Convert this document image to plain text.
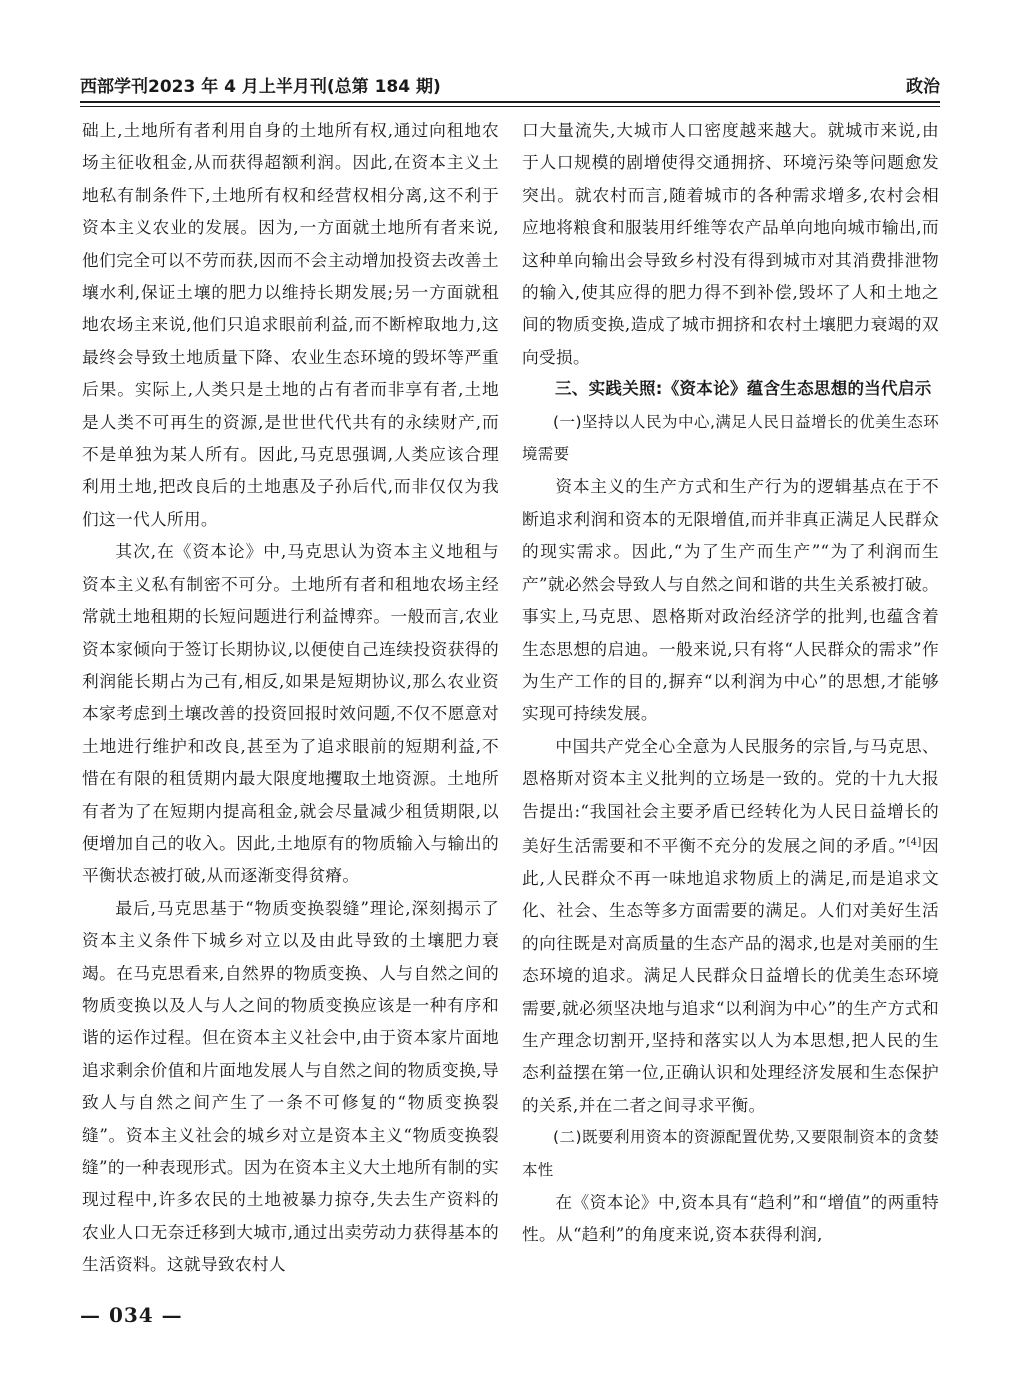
西部学刊2023 年 4 月上半月刊(总第 184 期)	政治

础上,土地所有者利用自身的土地所有权,通过向租地农场主征收租金,从而获得超额利润。因此,在资本主义土地私有制条件下,土地所有权和经营权相分离,这不利于资本主义农业的发展。因为,一方面就土地所有者来说,他们完全可以不劳而获,因而不会主动增加投资去改善土壤水利,保证土壤的肥力以维持长期发展;另一方面就租地农场主来说,他们只追求眼前利益,而不断榨取地力,这最终会导致土地质量下降、农业生态环境的毁坏等严重后果。实际上,人类只是土地的占有者而非享有者,土地是人类不可再生的资源,是世世代代共有的永续财产,而不是单独为某人所有。因此,马克思强调,人类应该合理利用土地,把改良后的土地惠及子孙后代,而非仅仅为我们这一代人所用。

其次,在《资本论》中,马克思认为资本主义地租与资本主义私有制密不可分。土地所有者和租地农场主经常就土地租期的长短问题进行利益博弈。一般而言,农业资本家倾向于签订长期协议,以便使自己连续投资获得的利润能长期占为己有,相反,如果是短期协议,那么农业资本家考虑到土壤改善的投资回报时效问题,不仅不愿意对土地进行维护和改良,甚至为了追求眼前的短期利益,不惜在有限的租赁期内最大限度地攫取土地资源。土地所有者为了在短期内提高租金,就会尽量减少租赁期限,以便增加自己的收入。因此,土地原有的物质输入与输出的平衡状态被打破,从而逐渐变得贫瘠。

最后,马克思基于“物质变换裂缝”理论,深刻揭示了资本主义条件下城乡对立以及由此导致的土壤肥力衰竭。在马克思看来,自然界的物质变换、人与自然之间的物质变换以及人与人之间的物质变换应该是一种有序和谐的运作过程。但在资本主义社会中,由于资本家片面地追求剩余价值和片面地发展人与自然之间的物质变换,导致人与自然之间产生了一条不可修复的“物质变换裂缝”。资本主义社会的城乡对立是资本主义“物质变换裂缝”的一种表现形式。因为在资本主义大土地所有制的实现过程中,许多农民的土地被暴力掠夺,失去生产资料的农业人口无奈迁移到大城市,通过出卖劳动力获得基本的生活资料。这就导致农村人

口大量流失,大城市人口密度越来越大。就城市来说,由于人口规模的剧增使得交通拥挤、环境污染等问题愈发突出。就农村而言,随着城市的各种需求增多,农村会相应地将粮食和服装用纤维等农产品单向地向城市输出,而这种单向输出会导致乡村没有得到城市对其消费排泄物的输入,使其应得的肥力得不到补偿,毁坏了人和土地之间的物质变换,造成了城市拥挤和农村土壤肥力衰竭的双向受损。

三、实践关照:《资本论》蕴含生态思想的当代启示

(一)坚持以人民为中心,满足人民日益增长的优美生态环境需要

资本主义的生产方式和生产行为的逻辑基点在于不断追求利润和资本的无限增值,而并非真正满足人民群众的现实需求。因此,“为了生产而生产”“为了利润而生产”就必然会导致人与自然之间和谐的共生关系被打破。事实上,马克思、恩格斯对政治经济学的批判,也蕴含着生态思想的启迪。一般来说,只有将“人民群众的需求”作为生产工作的目的,摒弃“以利润为中心”的思想,才能够实现可持续发展。

中国共产党全心全意为人民服务的宗旨,与马克思、恩格斯对资本主义批判的立场是一致的。党的十九大报告提出:“我国社会主要矛盾已经转化为人民日益增长的美好生活需要和不平衡不充分的发展之间的矛盾。”[4]因此,人民群众不再一味地追求物质上的满足,而是追求文化、社会、生态等多方面需要的满足。人们对美好生活的向往既是对高质量的生态产品的渴求,也是对美丽的生态环境的追求。满足人民群众日益增长的优美生态环境需要,就必须坚决地与追求“以利润为中心”的生产方式和生产理念切割开,坚持和落实以人为本思想,把人民的生态利益摆在第一位,正确认识和处理经济发展和生态保护的关系,并在二者之间寻求平衡。

(二)既要利用资本的资源配置优势,又要限制资本的贪婪本性

在《资本论》中,资本具有“趋利”和“增值”的两重特性。从“趋利”的角度来说,资本获得利润,

— 034 —
